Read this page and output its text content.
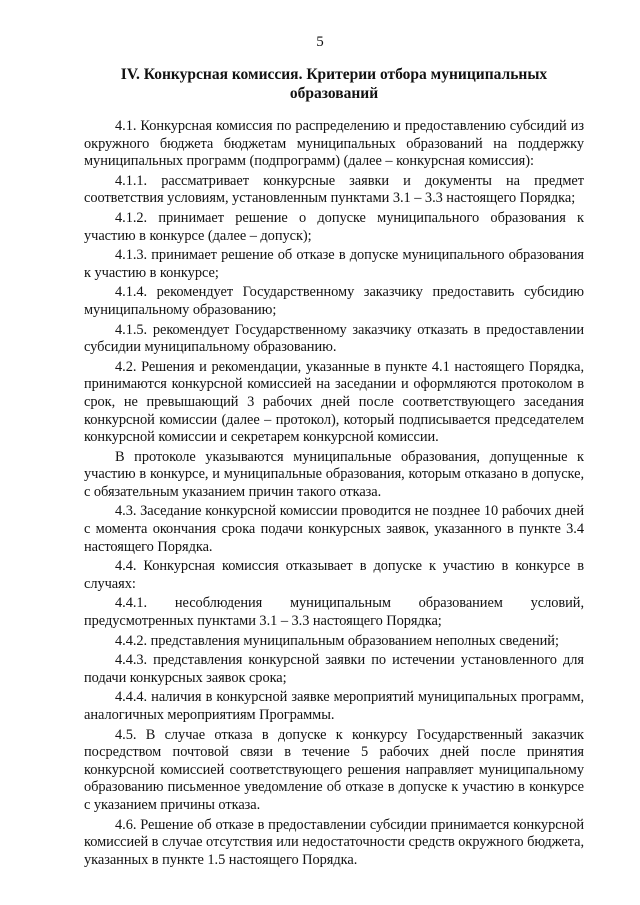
5
IV. Конкурсная комиссия. Критерии отбора муниципальных
образований

4.1. Конкурсная комиссия по распределению и предоставлению субсидий из окружного бюджета бюджетам муниципальных образований на поддержку муниципальных программ (подпрограмм) (далее – конкурсная комиссия):

4.1.1. рассматривает конкурсные заявки и документы на предмет соответствия условиям, установленным пунктами 3.1 – 3.3 настоящего Порядка;

4.1.2. принимает решение о допуске муниципального образования к участию в конкурсе (далее – допуск);

4.1.3. принимает решение об отказе в допуске муниципального образования к участию в конкурсе;

4.1.4. рекомендует Государственному заказчику предоставить субсидию муниципальному образованию;

4.1.5. рекомендует Государственному заказчику отказать в предоставлении субсидии муниципальному образованию.

4.2. Решения и рекомендации, указанные в пункте 4.1 настоящего Порядка, принимаются конкурсной комиссией на заседании и оформляются протоколом в срок, не превышающий 3 рабочих дней после соответствующего заседания конкурсной комиссии (далее – протокол), который подписывается председателем конкурсной комиссии и секретарем конкурсной комиссии.

В протоколе указываются муниципальные образования, допущенные к участию в конкурсе, и муниципальные образования, которым отказано в допуске, с обязательным указанием причин такого отказа.

4.3. Заседание конкурсной комиссии проводится не позднее 10 рабочих дней с момента окончания срока подачи конкурсных заявок, указанного в пункте 3.4 настоящего Порядка.

4.4. Конкурсная комиссия отказывает в допуске к участию в конкурсе в случаях:

4.4.1. несоблюдения муниципальным образованием условий, предусмотренных пунктами 3.1 – 3.3 настоящего Порядка;

4.4.2. представления муниципальным образованием неполных сведений;

4.4.3. представления конкурсной заявки по истечении установленного для подачи конкурсных заявок срока;

4.4.4. наличия в конкурсной заявке мероприятий муниципальных программ, аналогичных мероприятиям Программы.

4.5. В случае отказа в допуске к конкурсу Государственный заказчик посредством почтовой связи в течение 5 рабочих дней после принятия конкурсной комиссией соответствующего решения направляет муниципальному образованию письменное уведомление об отказе в допуске к участию в конкурсе с указанием причины отказа.

4.6. Решение об отказе в предоставлении субсидии принимается конкурсной комиссией в случае отсутствия или недостаточности средств окружного бюджета, указанных в пункте 1.5 настоящего Порядка.
